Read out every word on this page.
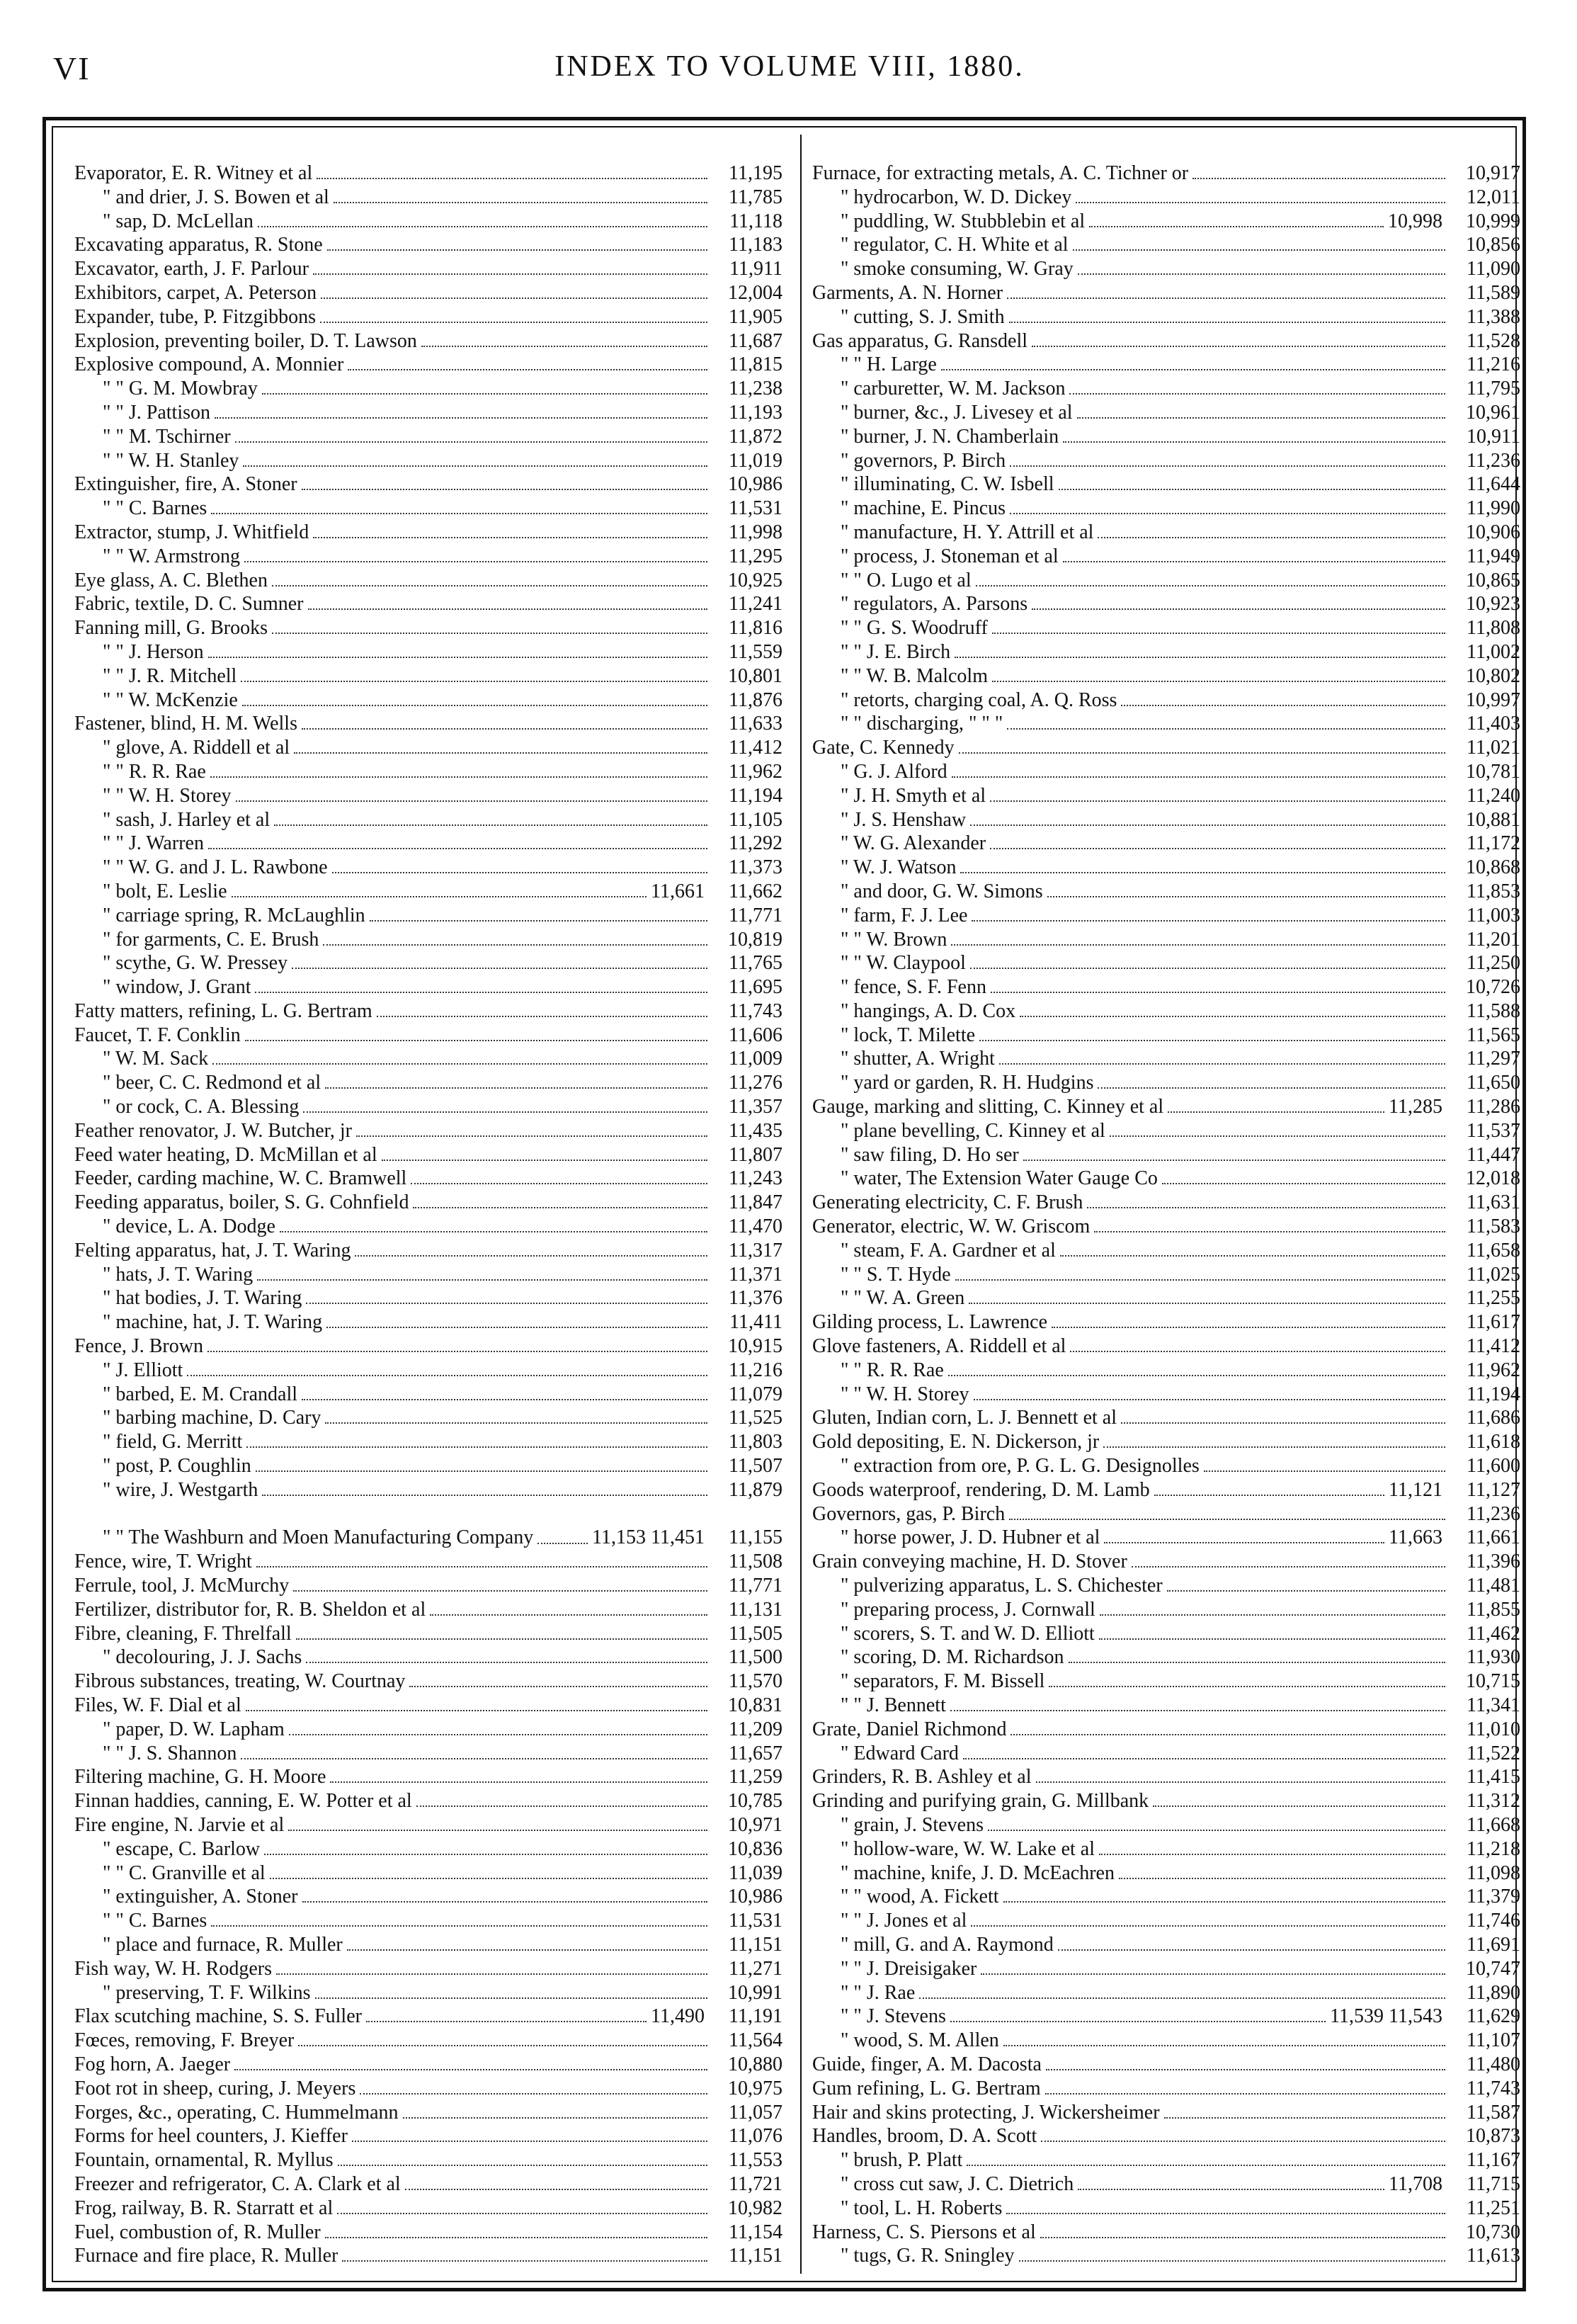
VI	INDEX TO VOLUME VIII, 1880.
Evaporator, E. R. Witney et al	11,195
" and drier, J. S. Bowen et al	11,785
" sap, D. McLellan	11,118
Excavating apparatus, R. Stone	11,183
Excavator, earth, J. F. Parlour	11,911
Exhibitors, carpet, A. Peterson	12,004
Expander, tube, P. Fitzgibbons	11,905
Explosion, preventing boiler, D. T. Lawson	11,687
Explosive compound, A. Monnier	11,815
" " G. M. Mowbray	11,238
" " J. Pattison	11,193
" " M. Tschirner	11,872
" " W. H. Stanley	11,019
Extinguisher, fire, A. Stoner	10,986
" " C. Barnes	11,531
Extractor, stump, J. Whitfield	11,998
" " W. Armstrong	11,295
Eye glass, A. C. Blethen	10,925
Fabric, textile, D. C. Sumner	11,241
Fanning mill, G. Brooks	11,816
" " J. Herson	11,559
" " J. R. Mitchell	10,801
" " W. McKenzie	11,876
Fastener, blind, H. M. Wells	11,633
" glove, A. Riddell et al	11,412
" " R. R. Rae	11,962
" " W. H. Storey	11,194
" sash, J. Harley et al	11,105
" " J. Warren	11,292
" " W. G. and J. L. Rawbone	11,373
" bolt, E. Leslie	11,661	11,662
" carriage spring, R. McLaughlin	11,771
" for garments, C. E. Brush	10,819
" scythe, G. W. Pressey	11,765
" window, J. Grant	11,695
Fatty matters, refining, L. G. Bertram	11,743
Faucet, T. F. Conklin	11,606
" W. M. Sack	11,009
" beer, C. C. Redmond et al	11,276
" or cock, C. A. Blessing	11,357
Feather renovator, J. W. Butcher, jr	11,435
Feed water heating, D. McMillan et al	11,807
Feeder, carding machine, W. C. Bramwell	11,243
Feeding apparatus, boiler, S. G. Cohnfield	11,847
" device, L. A. Dodge	11,470
Felting apparatus, hat, J. T. Waring	11,317
" hats, J. T. Waring	11,371
" hat bodies, J. T. Waring	11,376
" machine, hat, J. T. Waring	11,411
Fence, J. Brown	10,915
" J. Elliott	11,216
" barbed, E. M. Crandall	11,079
" barbing machine, D. Cary	11,525
" field, G. Merritt	11,803
" post, P. Coughlin	11,507
" wire, J. Westgarth	11,879
" " The Washburn and Moen Manufacturing Company	11,153 11,451	11,155
Fence, wire, T. Wright	11,508
Ferrule, tool, J. McMurchy	11,771
Fertilizer, distributor for, R. B. Sheldon et al	11,131
Fibre, cleaning, F. Threlfall	11,505
" decolouring, J. J. Sachs	11,500
Fibrous substances, treating, W. Courtnay	11,570
Files, W. F. Dial et al	10,831
" paper, D. W. Lapham	11,209
" " J. S. Shannon	11,657
Filtering machine, G. H. Moore	11,259
Finnan haddies, canning, E. W. Potter et al	10,785
Fire engine, N. Jarvie et al	10,971
" escape, C. Barlow	10,836
" " C. Granville et al	11,039
" extinguisher, A. Stoner	10,986
" " C. Barnes	11,531
" place and furnace, R. Muller	11,151
Fish way, W. H. Rodgers	11,271
" preserving, T. F. Wilkins	10,991
Flax scutching machine, S. S. Fuller	11,490	11,191
Fœces, removing, F. Breyer	11,564
Fog horn, A. Jaeger	10,880
Foot rot in sheep, curing, J. Meyers	10,975
Forges, &c., operating, C. Hummelmann	11,057
Forms for heel counters, J. Kieffer	11,076
Fountain, ornamental, R. Myllus	11,553
Freezer and refrigerator, C. A. Clark et al	11,721
Frog, railway, B. R. Starratt et al	10,982
Fuel, combustion of, R. Muller	11,154
Furnace and fire place, R. Muller	11,151
Furnace, for extracting metals, A. C. Tichner or	10,917
" hydrocarbon, W. D. Dickey	12,011
" puddling, W. Stubblebin et al	10,998	10,999
" regulator, C. H. White et al	10,856
" smoke consuming, W. Gray	11,090
Garments, A. N. Horner	11,589
" cutting, S. J. Smith	11,388
Gas apparatus, G. Ransdell	11,528
" " H. Large	11,216
" carburetter, W. M. Jackson	11,795
" burner, &c., J. Livesey et al	10,961
" burner, J. N. Chamberlain	10,911
" governors, P. Birch	11,236
" illuminating, C. W. Isbell	11,644
" machine, E. Pincus	11,990
" manufacture, H. Y. Attrill et al	10,906
" process, J. Stoneman et al	11,949
" " O. Lugo et al	10,865
" regulators, A. Parsons	10,923
" " G. S. Woodruff	11,808
" " J. E. Birch	11,002
" " W. B. Malcolm	10,802
" retorts, charging coal, A. Q. Ross	10,997
" " discharging, " " "	11,403
Gate, C. Kennedy	11,021
" G. J. Alford	10,781
" J. H. Smyth et al	11,240
" J. S. Henshaw	10,881
" W. G. Alexander	11,172
" W. J. Watson	10,868
" and door, G. W. Simons	11,853
" farm, F. J. Lee	11,003
" " W. Brown	11,201
" " W. Claypool	11,250
" fence, S. F. Fenn	10,726
" hangings, A. D. Cox	11,588
" lock, T. Milette	11,565
" shutter, A. Wright	11,297
" yard or garden, R. H. Hudgins	11,650
Gauge, marking and slitting, C. Kinney et al	11,285	11,286
" plane bevelling, C. Kinney et al	11,537
" saw filing, D. Ho ser	11,447
" water, The Extension Water Gauge Co	12,018
Generating electricity, C. F. Brush	11,631
Generator, electric, W. W. Griscom	11,583
" steam, F. A. Gardner et al	11,658
" " S. T. Hyde	11,025
" " W. A. Green	11,255
Gilding process, L. Lawrence	11,617
Glove fasteners, A. Riddell et al	11,412
" " R. R. Rae	11,962
" " W. H. Storey	11,194
Gluten, Indian corn, L. J. Bennett et al	11,686
Gold depositing, E. N. Dickerson, jr	11,618
" extraction from ore, P. G. L. G. Designolles	11,600
Goods waterproof, rendering, D. M. Lamb	11,121	11,127
Governors, gas, P. Birch	11,236
" horse power, J. D. Hubner et al	11,663	11,661
Grain conveying machine, H. D. Stover	11,396
" pulverizing apparatus, L. S. Chichester	11,481
" preparing process, J. Cornwall	11,855
" scorers, S. T. and W. D. Elliott	11,462
" scoring, D. M. Richardson	11,930
" separators, F. M. Bissell	10,715
" " J. Bennett	11,341
Grate, Daniel Richmond	11,010
" Edward Card	11,522
Grinders, R. B. Ashley et al	11,415
Grinding and purifying grain, G. Millbank	11,312
" grain, J. Stevens	11,668
" hollow-ware, W. W. Lake et al	11,218
" machine, knife, J. D. McEachren	11,098
" " wood, A. Fickett	11,379
" " J. Jones et al	11,746
" mill, G. and A. Raymond	11,691
" " J. Dreisigaker	10,747
" " J. Rae	11,890
" " J. Stevens	11,539 11,543	11,629
" wood, S. M. Allen	11,107
Guide, finger, A. M. Dacosta	11,480
Gum refining, L. G. Bertram	11,743
Hair and skins protecting, J. Wickersheimer	11,587
Handles, broom, D. A. Scott	10,873
" brush, P. Platt	11,167
" cross cut saw, J. C. Dietrich	11,708	11,715
" tool, L. H. Roberts	11,251
Harness, C. S. Piersons et al	10,730
" tugs, G. R. Sningley	11,613
